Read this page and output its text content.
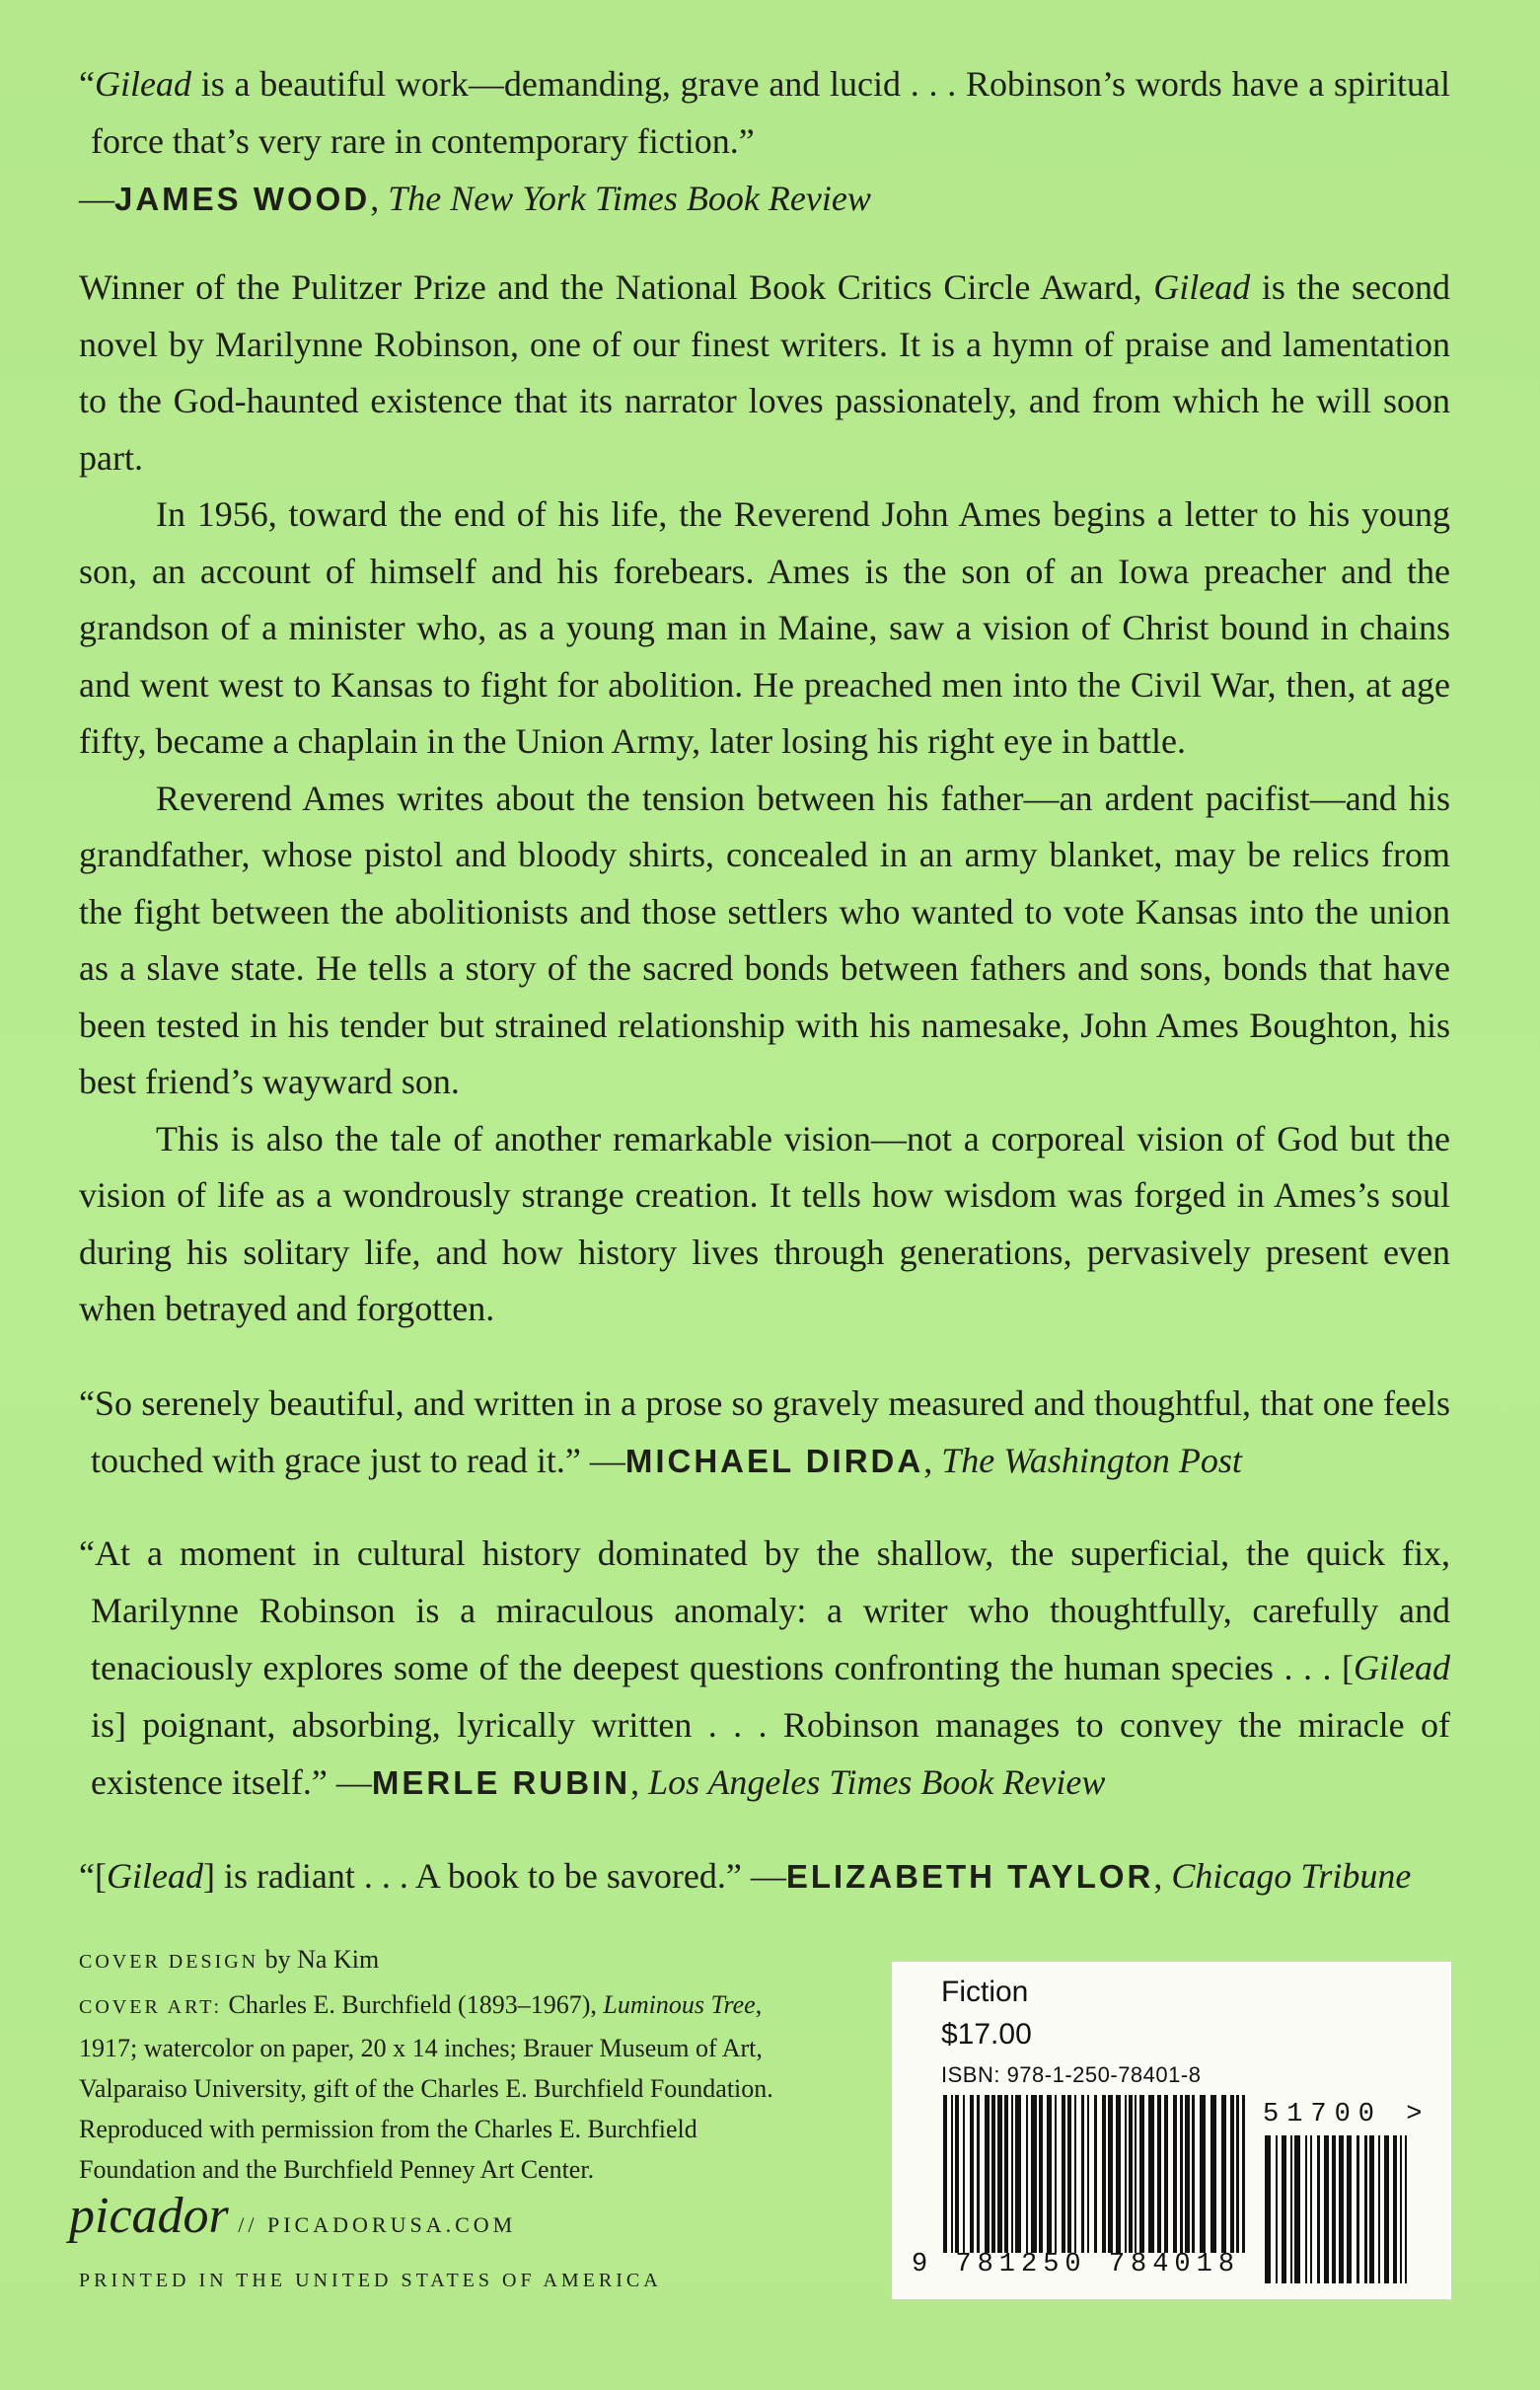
“Gilead is a beautiful work—demanding, grave and lucid . . . Robinson’s words have a spiritual force that’s very rare in contemporary fiction.”

—JAMES WOOD, The New York Times Book Review

Winner of the Pulitzer Prize and the National Book Critics Circle Award, Gilead is the second novel by Marilynne Robinson, one of our finest writers. It is a hymn of praise and lamentation to the God-haunted existence that its narrator loves passionately, and from which he will soon part.

In 1956, toward the end of his life, the Reverend John Ames begins a letter to his young son, an account of himself and his forebears. Ames is the son of an Iowa preacher and the grandson of a minister who, as a young man in Maine, saw a vision of Christ bound in chains and went west to Kansas to fight for abolition. He preached men into the Civil War, then, at age fifty, became a chaplain in the Union Army, later losing his right eye in battle.

Reverend Ames writes about the tension between his father—an ardent pacifist—and his grandfather, whose pistol and bloody shirts, concealed in an army blanket, may be relics from the fight between the abolitionists and those settlers who wanted to vote Kansas into the union as a slave state. He tells a story of the sacred bonds between fathers and sons, bonds that have been tested in his tender but strained relationship with his namesake, John Ames Boughton, his best friend’s wayward son.

This is also the tale of another remarkable vision—not a corporeal vision of God but the vision of life as a wondrously strange creation. It tells how wisdom was forged in Ames’s soul during his solitary life, and how history lives through generations, pervasively present even when betrayed and forgotten.

“So serenely beautiful, and written in a prose so gravely measured and thoughtful, that one feels touched with grace just to read it.” —MICHAEL DIRDA, The Washington Post

“At a moment in cultural history dominated by the shallow, the superficial, the quick fix, Marilynne Robinson is a miraculous anomaly: a writer who thoughtfully, carefully and tenaciously explores some of the deepest questions confronting the human species . . . [Gilead is] poignant, absorbing, lyrically written . . . Robinson manages to convey the miracle of existence itself.” —MERLE RUBIN, Los Angeles Times Book Review

“[Gilead] is radiant . . . A book to be savored.” —ELIZABETH TAYLOR, Chicago Tribune

COVER DESIGN by Na Kim

COVER ART: Charles E. Burchfield (1893–1967), Luminous Tree, 1917; watercolor on paper, 20 x 14 inches; Brauer Museum of Art, Valparaiso University, gift of the Charles E. Burchfield Foundation. Reproduced with permission from the Charles E. Burchfield Foundation and the Burchfield Penney Art Center.

picador // PICADORUSA.COM
PRINTED IN THE UNITED STATES OF AMERICA
Fiction
$17.00
ISBN: 978-1-250-78401-8
9 781250 784018
51700 >
